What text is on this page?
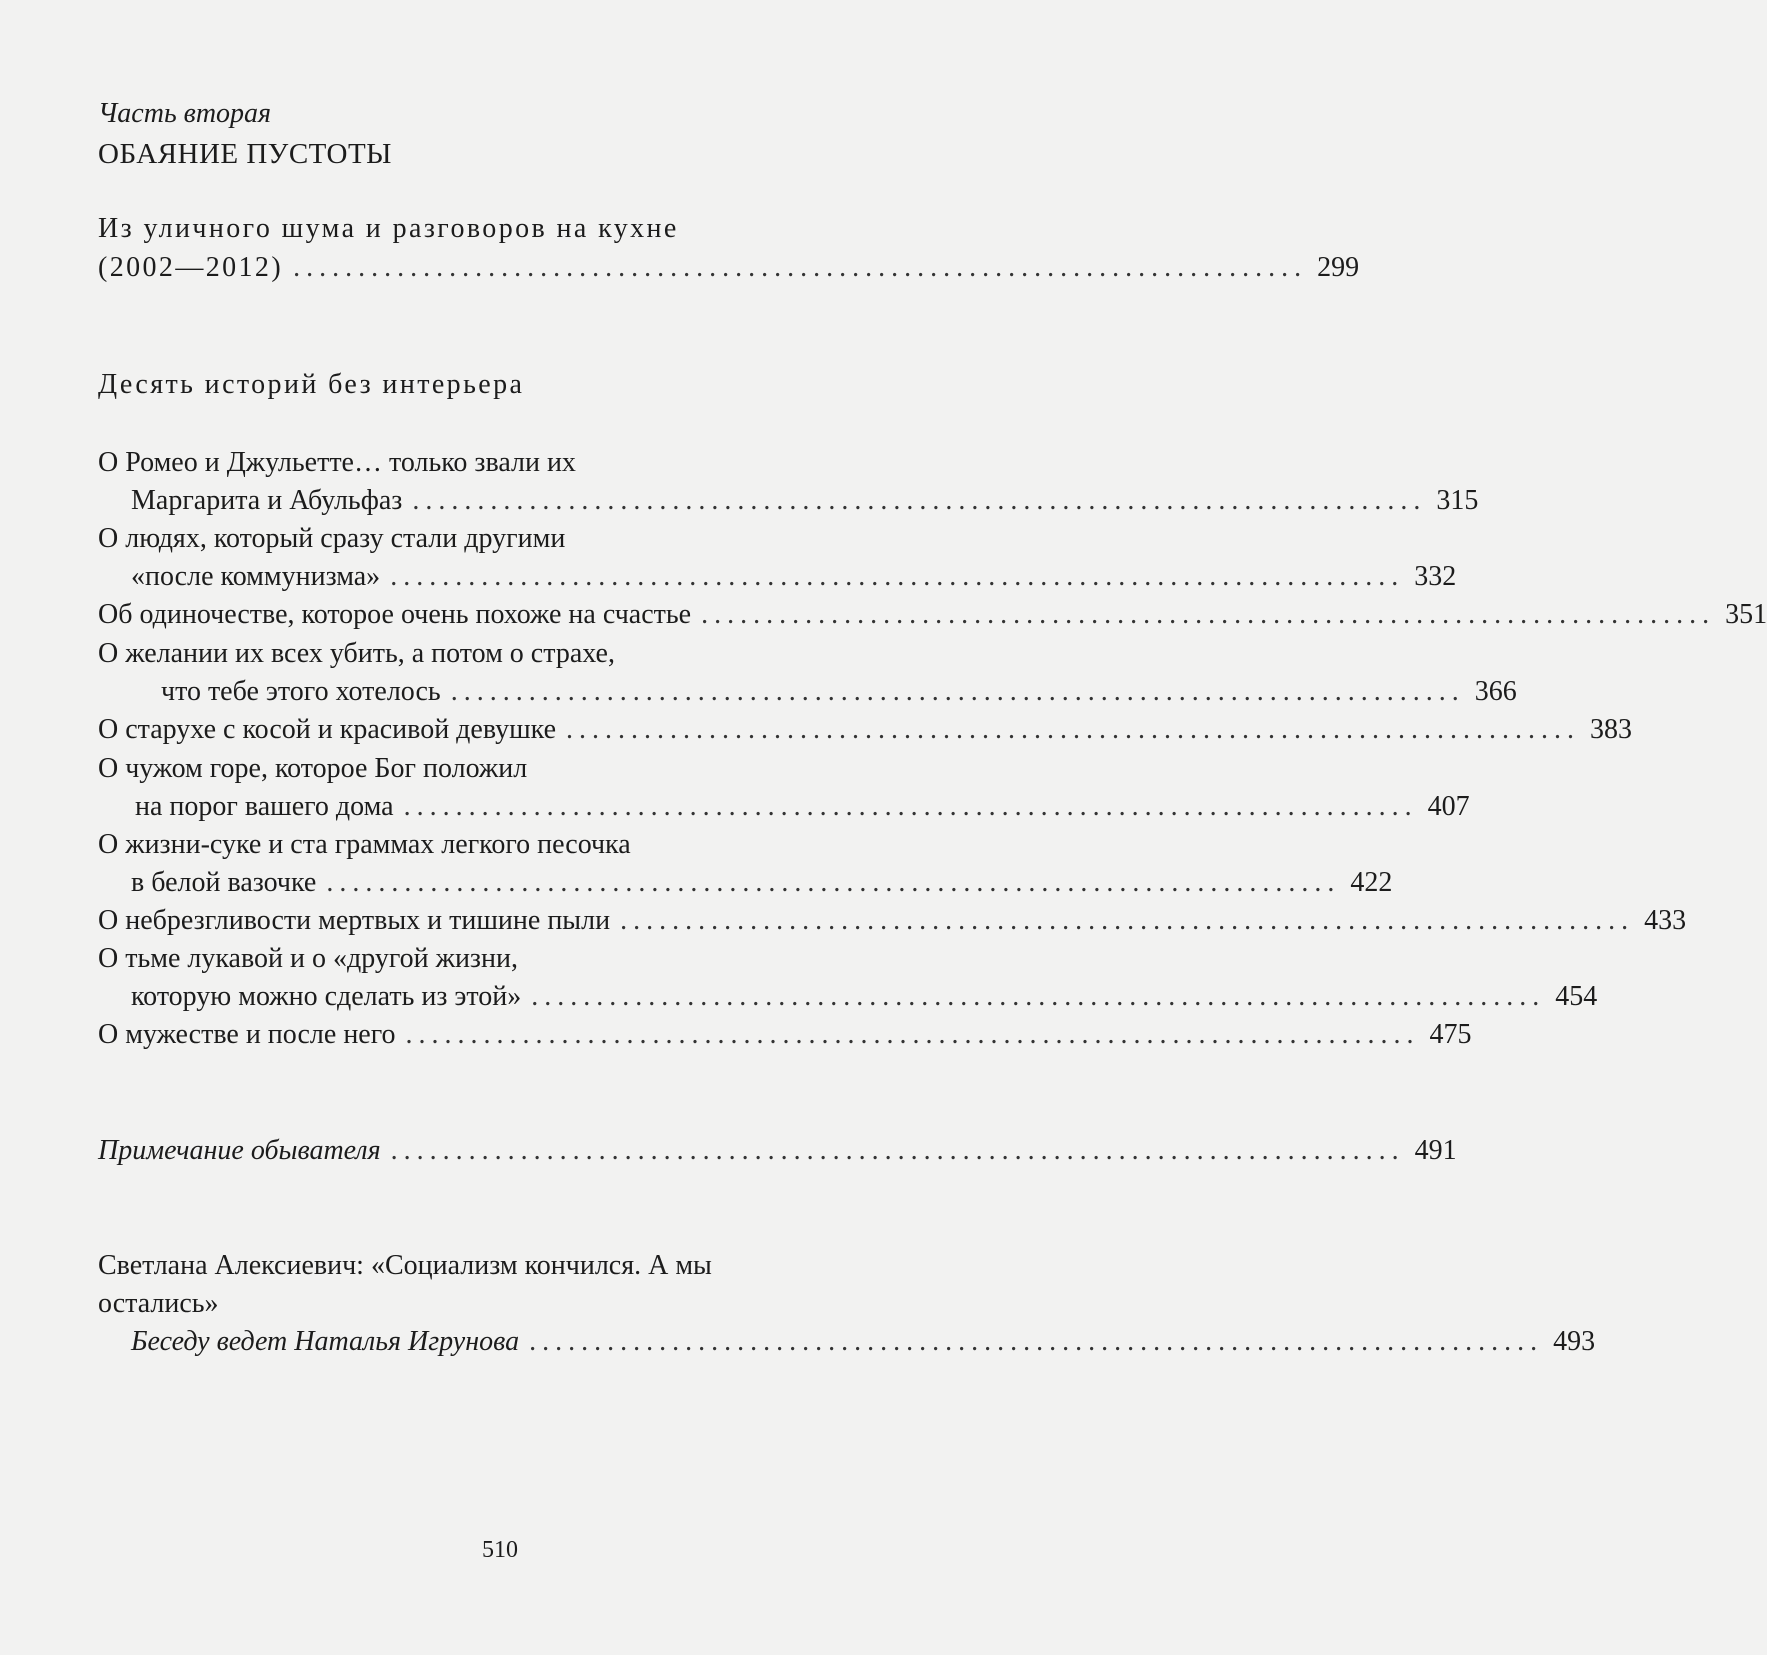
Часть вторая
ОБАЯНИЕ ПУСТОТЫ
Из уличного шума и разговоров на кухне
(2002—2012) .............................................................................. 299
Десять историй без интерьера
О Ромео и Джульетте… только звали их
Маргарита и Абульфаз .............................................................................. 315
О людях, который сразу стали другими
«после коммунизма» .............................................................................. 332
Об одиночестве, которое очень похоже на счастье .............................................................................. 351
О желании их всех убить, а потом о страхе,
что тебе этого хотелось .............................................................................. 366
О старухе с косой и красивой девушке .............................................................................. 383
О чужом горе, которое Бог положил
на порог вашего дома .............................................................................. 407
О жизни-суке и ста граммах легкого песочка
в белой вазочке .............................................................................. 422
О небрезгливости мертвых и тишине пыли .............................................................................. 433
О тьме лукавой и о «другой жизни,
которую можно сделать из этой» .............................................................................. 454
О мужестве и после него .............................................................................. 475
Примечание обывателя .............................................................................. 491
Светлана Алексиевич: «Социализм кончился. А мы
остались»
Беседу ведет Наталья Игрунова .............................................................................. 493
510
